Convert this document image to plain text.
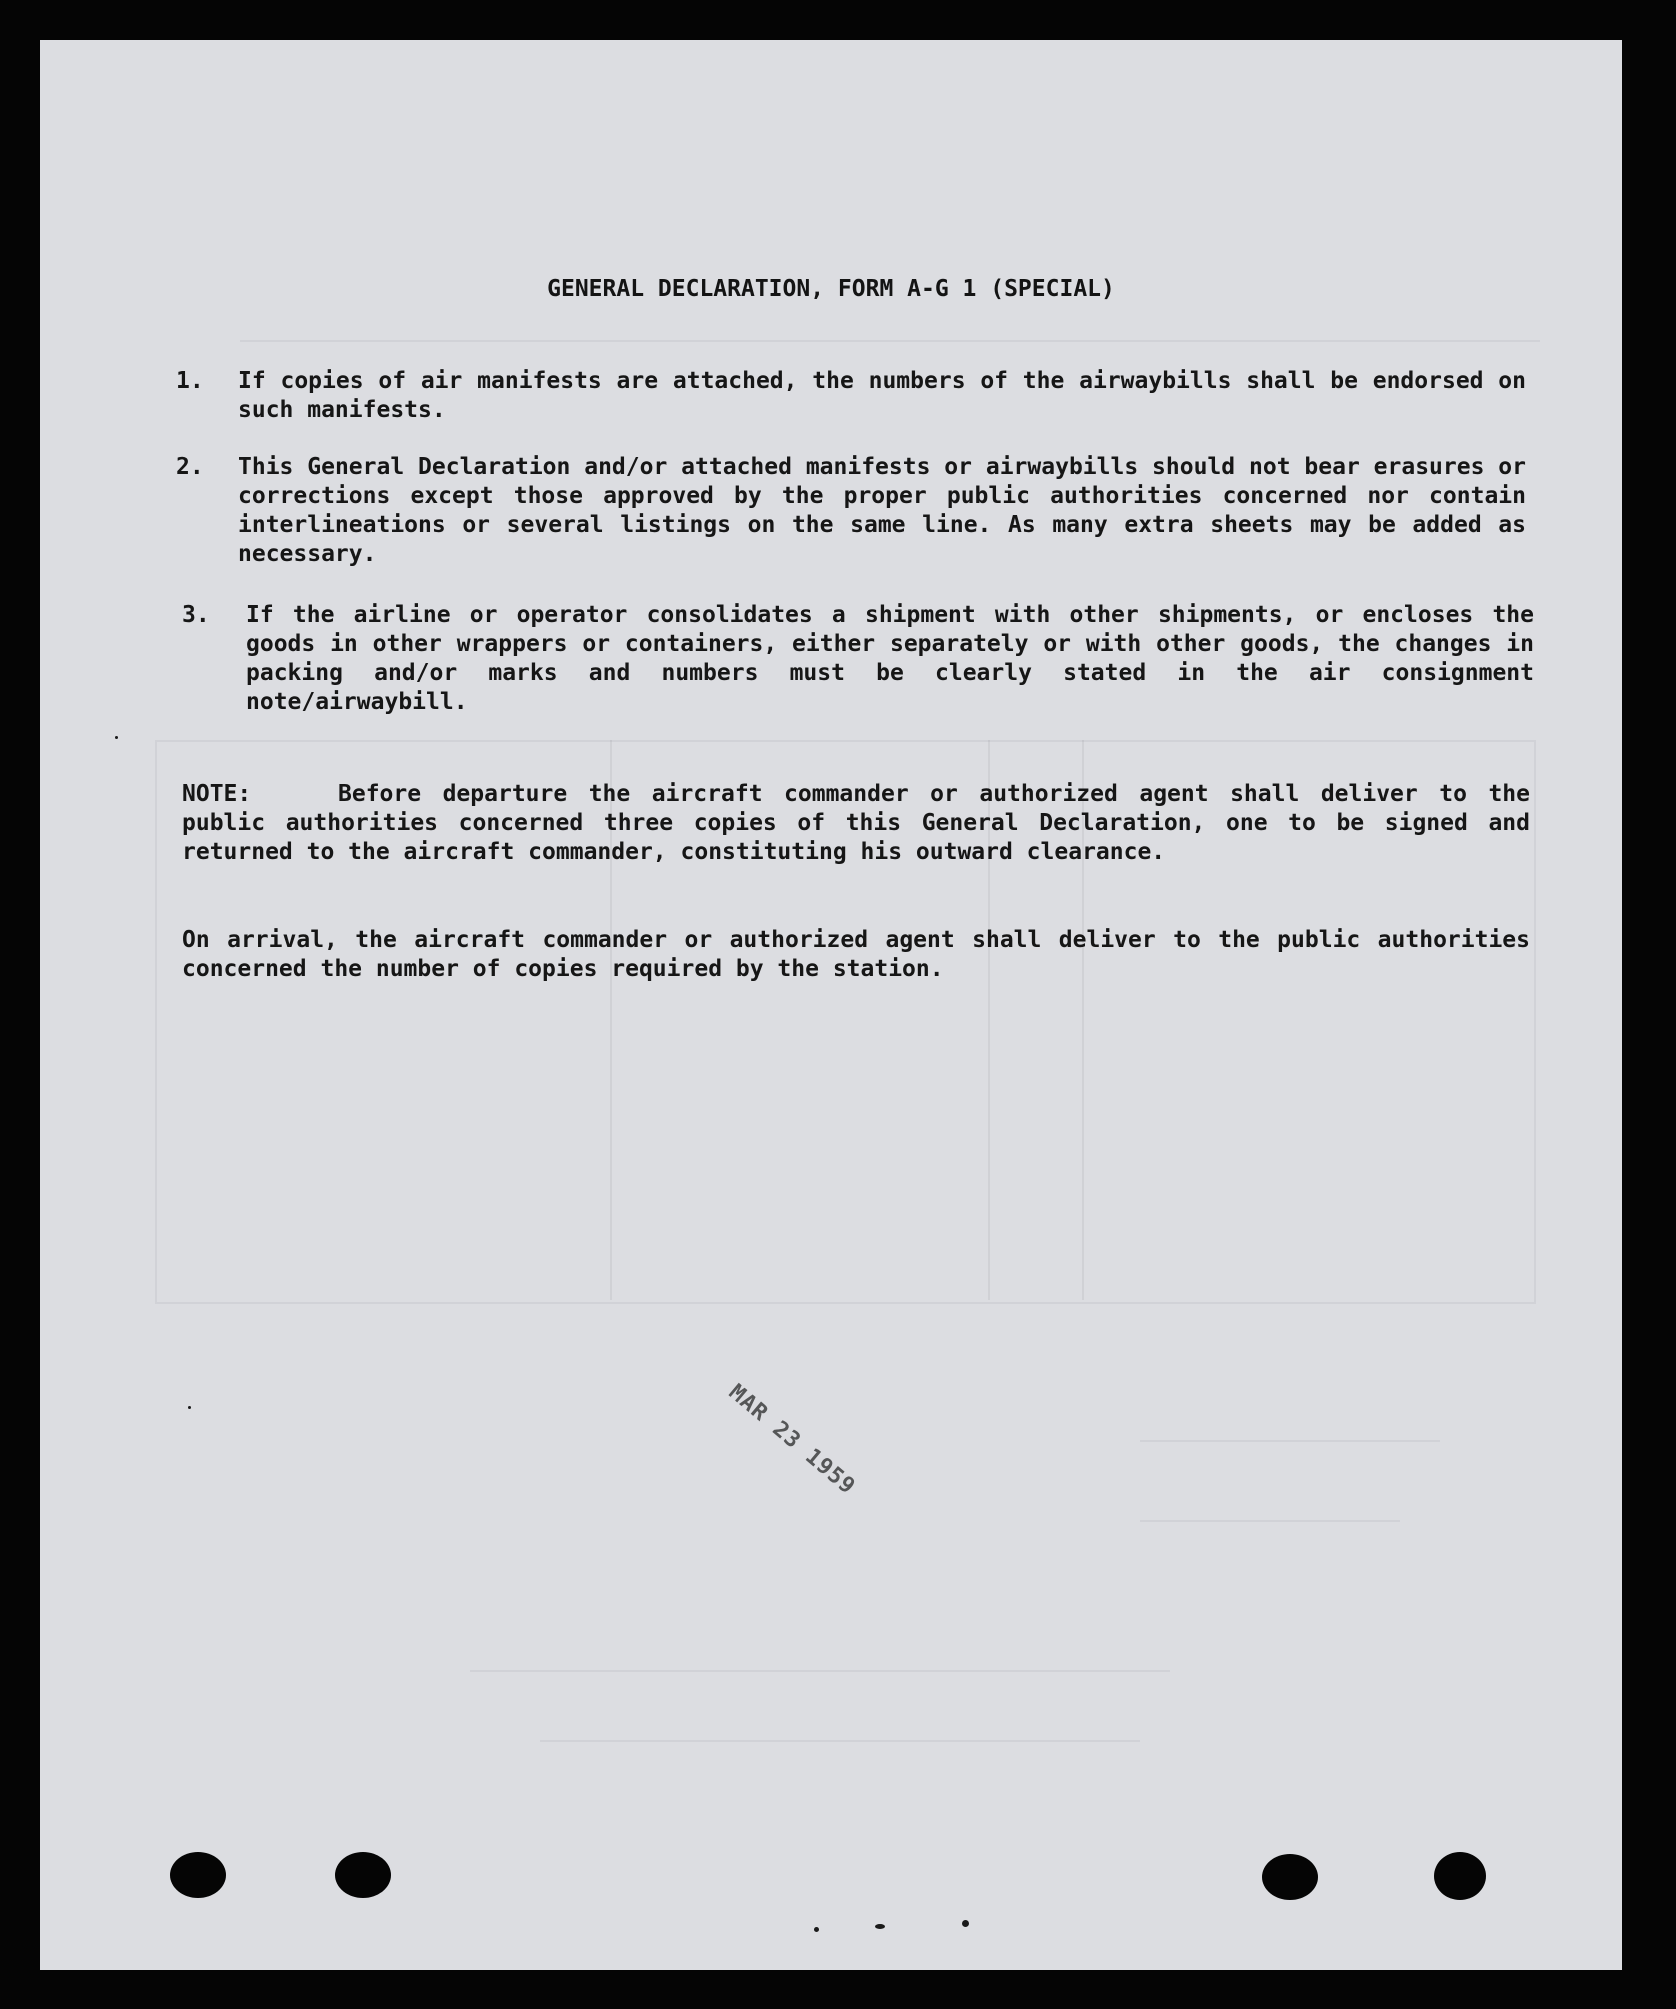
GENERAL DECLARATION, FORM A-G 1 (SPECIAL)
1. If copies of air manifests are attached, the numbers of the airwaybills shall be endorsed on such manifests.
2. This General Declaration and/or attached manifests or airwaybills should not bear erasures or corrections except those approved by the proper public authorities concerned nor contain interlineations or several listings on the same line. As many extra sheets may be added as necessary.
3. If the airline or operator consolidates a shipment with other shipments, or encloses the goods in other wrappers or containers, either separately or with other goods, the changes in packing and/or marks and numbers must be clearly stated in the air consignment note/airwaybill.
NOTE:	Before departure the aircraft commander or authorized agent shall deliver to the public authorities concerned three copies of this General Declaration, one to be signed and returned to the aircraft commander, constituting his outward clearance.
On arrival, the aircraft commander or authorized agent shall deliver to the public authorities concerned the number of copies required by the station.
MAR 23 1959
